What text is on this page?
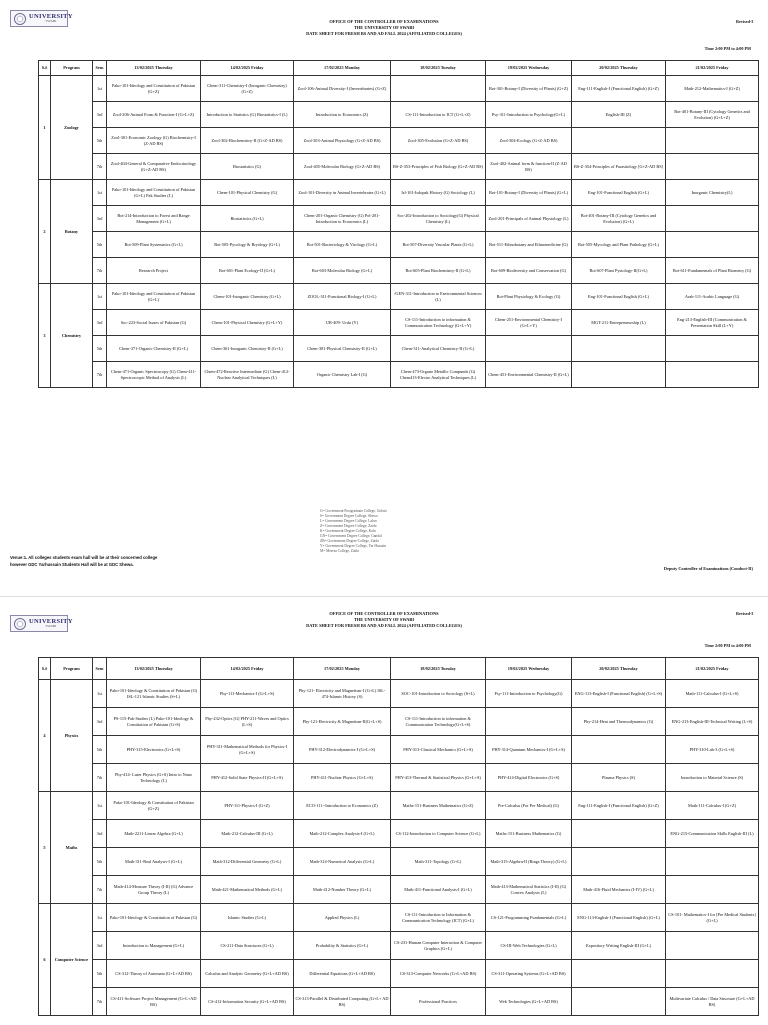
UNIVERSITY
SWABI	OFFICE OF THE CONTROLLER OF EXAMINATIONS
THE UNIVERSITY OF SWABI
DATE SHEET FOR FRESH BS AND AD FALL 2024 (AFFILIATED COLLEGES)
Revised-I
Time 2:00 PM to 4:00 PM
S.#	Program	Sem	13/02/2025 Thursday	14/02/2025 Friday	17/02/2025 Monday	18/02/2025 Tuesday	19/02/2025 Wednesday	20/02/2025 Thursday	21/02/2025 Friday
1	Zoology	1st	Pako-101-Ideology and Constitution of Pakistan (G+Z)	Chem-311-Chemistry-I (Inorganic Chemistry) (G+Z)	Zool-106-Animal Diversity-I (Invertebrates) (G+Z)		Bot-301-Botany-I (Diversity of Plants) (G+Z)	Eng-111-English-I (Functional English) (G+Z)	Math-212-Mathematics-I (G+Z)
		3rd	Zool-206-Animal Form & Function-I (G+L+Z)	Introduction to Statistics (G) Biostatistics-I (L)	Introduction to Economics (Z)	CS-111-Introduction to ICT (G+L+Z)	Psy-311-Introduction to Psychology(G+L)	English-III (Z)	Bot-401-Botany-III (Cytology Genetics and Evolution) (G+L+Z)
		5th	Zool-301-Economic Zoology (G) Biochemistry-I (Z-AD BS)	Zool-302-Biochemistry-II (G+Z-AD BS)	Zool-303-Animal Physiology (G+Z-AD BS)	Zool-305-Evolution (G+Z-AD BS)	Zool-304-Ecology (G+Z-AD BS)		
		7th	Zool-404-General & Comparative Endocrinology (G+Z-AD BS)	Biostatistics (G)	Zool-405-Molecular Biology (G+Z-AD BS)	BS-Z-353-Principles of Fish Biology (G+Z-AD BS)	Zool-402-Animal form & function-II (Z-AD BS)	BS-Z-354-Principles of Parasitology [G+Z-AD BS]	
2	Botany	1st	Pako-101-Ideology and Constitution of Pakistan (G+L) Pak Studies (L)	Chem-101-Physical Chemistry (G)	Zool-101-Diversity in Animal Invertebrates (G+L)	Isl-101-Isdopak History (G) Sociology (L)	Bot-101-Botany-I (Diversity of Plants) (G+L)	Eng-101-Functional English (G+L)	Inorganic Chemistry(L)
		3rd	Bot-214-Introduction to Forest and Range Management (G+L)	Biostatistics (G+L)	Chem-201-Organic Chemistry (G) Pol-201-Introduction to Economics (L)	Soc-202-Introduction to Sociology(G) Physical Chemistry (L)	Zool-201-Principals of Animal Physiology (L)	Bot-401-Botany-III (Cytology Genetics and Evolution) (G+L)	
		5th	Bot-509-Plant Systematics (G+L)	Bot-505-Pycology & Bryology (G+L)	Bot-501-Bacteriology & Virology (G+L)	Bot-507-Diversity Vascular Plants (G+L)	Bot-511-Ethnobotany and Ethnomedicine (G)	Bot-505-Mycology and Plant Pathology (G+L)	
		7th	Research Project	Bot-601-Plant Ecology-II (G+L)	Bot-603-Molecular Biology (G+L)	Bot-605-Plant Biochemistry-II (G+L)	Bot-609-Biodiversity and Conservation (G)	Bot-607-Plant Pysiology-II(G+L)	Bot-611-Fundamentals of Plant Biometry (G)
3	Chemistry	1st	Pako-101-Ideology and Constitution of Pakistan (G+L)	Chem-101-Inorganic Chemistry (G+L)	ZOOL-311-Functional Biology-I (G+L)	/GEN-311-Introduction to Environmental Sciences (L)	Bot-Plant Physiology & Ecology (G)	Eng-101-Functional English (G+L)	Arab-111-Arabic Language (G)
		3rd	Soc-223-Social Issues of Pakistan (G)	Chem-101-Physical Chemistry (G+L+Y)	UR-409- Urdu (Y)	CS-111-Introduction to information & Communication Technology (G+L+Y)	Chem-251-Environmental Chemistry-I (G+L+Y)	MGT-211-Entrepreneurship (L)	Eng-213-English-III (Communication & Presentation Skill (L+Y)
		5th	Chem-371-Organic Chemistry-II (G+L)	Chem-361-Inorganic Chemistry-II (G+L)	Chem-381-Physical Chemistry-II (G+L)	Chem-311-Analytical Chemistry-II (G+L)			
		7th	Chem-471-Organic Spectroscopy (G) Chem-411-Spectroscopic Method of Analysis (L)	Chem-472-Reactive Intermediate (G) Chem-412- Nuclear Analytical Techniques (L)	Organic Chemistry Lab-I (G)	Chem-473-Organo Metallic Compunds (G) Chem413-Electro Analytical Techniques (L)	Chem-451-Environmental Chemistry-II (G+L)		
G= Government Postgraduate College, Gohati
S= Government Degree College, Shewa
L= Government Degree College, Lahor
Z= Government Degree College, Zaida
K= Government Degree College, Kalu
GN= Government Degree College, Gandaf
ZB= Government Degree College, Zaida
Y= Government Degree College, Yar Hussain
M= Meerza College, Zaida
Venue:1. All colleges students exam hall will be at their concerned college
however GDC Yarhussain Students Hall will be at GDC Shewa.
Deputy Controller of Examinations (Conduct-II)
UNIVERSITY
SWABI
OFFICE OF THE CONTROLLER OF EXAMINATIONS
THE UNIVERSITY OF SWABI
DATE SHEET FOR FRESH BS AND AD FALL 2024 (AFFILIATED COLLEGES)
Revised-I
Time 2:00 PM to 4:00 PM
S.#	Program	Sem	13/02/2025 Thursday	14/02/2025 Friday	17/02/2025 Monday	18/02/2025 Tuesday	19/02/2025 Wednesday	20/02/2025 Thursday	21/02/2025 Friday
4	Physics	1st	Pako-101-Ideology & Constitution of Pakistan (G) ISL-121 Islamic Studies (S+L)	Phy-111-Mechanics-I (G+L+S)	Phy-121- Electricity and Magnetism-I (G+L) ISL-474-Islamic History (S)	SOC-101-Introduction to Sociology (S+L)	Psy-111-Introduction to Psychology(G)	ENG-113-English-I (Functional English) (G+L+S)	Math-111-Calculus-I (G+L+S)
		3rd	PS-115-Pak-Studies (L) Pako-101-Ideology & Constitution of Pakistan (G+S)	Phy-232-Optics [G] PHY-211-Waves and Optics (L+S)	Phy-121-Electricity & Magnetism-II(G+L+S)	CS-111-Introduction to information & Communication Technology(G+L+S)		Phy-214-Heat and Thermodynamics (G)	ENG-213-English-III-Technical Writing (L+S)
		5th	PHY-315-Electronics (G+L+S)	PHY-311-Mathematical Methods for Physics-I (G+L+S)	PHY-312-Electrodynamics-I (G+L+S)	PHY-313-Classical Mechanics (G+L+S)	PHY-314-Quantum Mechanics-I (G+L+S)		PHY-310-Lab-3 (G+L+S)
		7th	Phy-414- Laser Physics (G+S) Intro to Nano Technology (L)	PHY-412-Solid State Physics-II (G+L+S)	PHY-411-Nuclear Physics (G+L+S)	PHY-413-Thermal & Statistical Physics (G+L+S)	PHY-414-Digital Electronics (G+S)	Plasma Physics (S)	Introduction to Material Science (S)
5	Maths	1st	Pako-101-Ideology & Constitution of Pakistan (G+Z)	PHY-111-Physics-I (G+Z)	ECO-111--Introduction to Economics (Z)	Maths-151-Business Mathematics (G+Z)	Pre-Calculus (For Pre Medical) (G)	Eng-111-English-I (Functional English) (G+Z)	Math-111-Calculus-I (G+Z)
		3rd	Math-2211-Linear Algebra (G+L)	Math-212-Calculus-III (G+L)	Math-212-Complex Analysis-I (G+L)	CS-112-Introduction to Computer Science (G+L)	Maths-151-Business Mathematics (G)		ENG-215-Communication Skills English-III (L)
		5th	Math-311-Real Analysis-I (G+L)	Math-312-Differential Geometry (G+L)	Math-314-Numerical Analysis (G+L)	Math-311-Topology (G+L)	Math-315-Algebra-II (Rings Theory) (G+L)		
		7th	Math-414-Measure Theory (I-II) (G) Advance Group Theory (L)	Math-421-Mathematical Methods (G+L)	Math-412-Number Theory (G+L)	Math-411-Functional Analysis-I (G+L)	Math-413-Mathematical Statistics (I-II) (G) Convex Analysis (L)	Math-416-Fluid Mechanics (I-IV) (G+L)	
6	Computer Science	1st	Pako-101-Ideology & Constitution of Pakistan (G)	Islamic Studies (G+L)	Applied Physics (L)	CS-111-Introduction to Information & Communication Technology (ICT) (G+L)	CS-121-Programming Fundamentals (G+L)	ENG-113-English-I (Functional English) (G+L)	CS-101- Mathematics-I for [Pre Medical Students] (G+L)
		3rd	Introduction to Management (G+L)	CS-211-Data Structures (G+L)	Probability & Statistics (G+L)	CS-231-Human Computer Interaction & Computer Graphics (G+L)	CS-III-Web Technologies (G+L)	Expository Writing English-III (G+L)	
		5th	CS-312-Theory of Automata (G+L+AD BS)	Calculus and Analytic Geometry (G+L+AD BS)	Differential Equations (G+L+AD BS)	CS-313-Computer Networks (G+L+AD BS)	CS-311-Operating Systems (G+L+AD BS)		
		7th	CS-411-Software Project Management (G+L+AD BS)	CS-412-Information Security (G+L+AD BS)	CS-313-Parallel & Distributed Computing (G+L+ AD BS)	Professional Practices	Web Technologies (G+L+AD BS)		Multivariate Calculus / Data Structure (G+L+AD BS)
